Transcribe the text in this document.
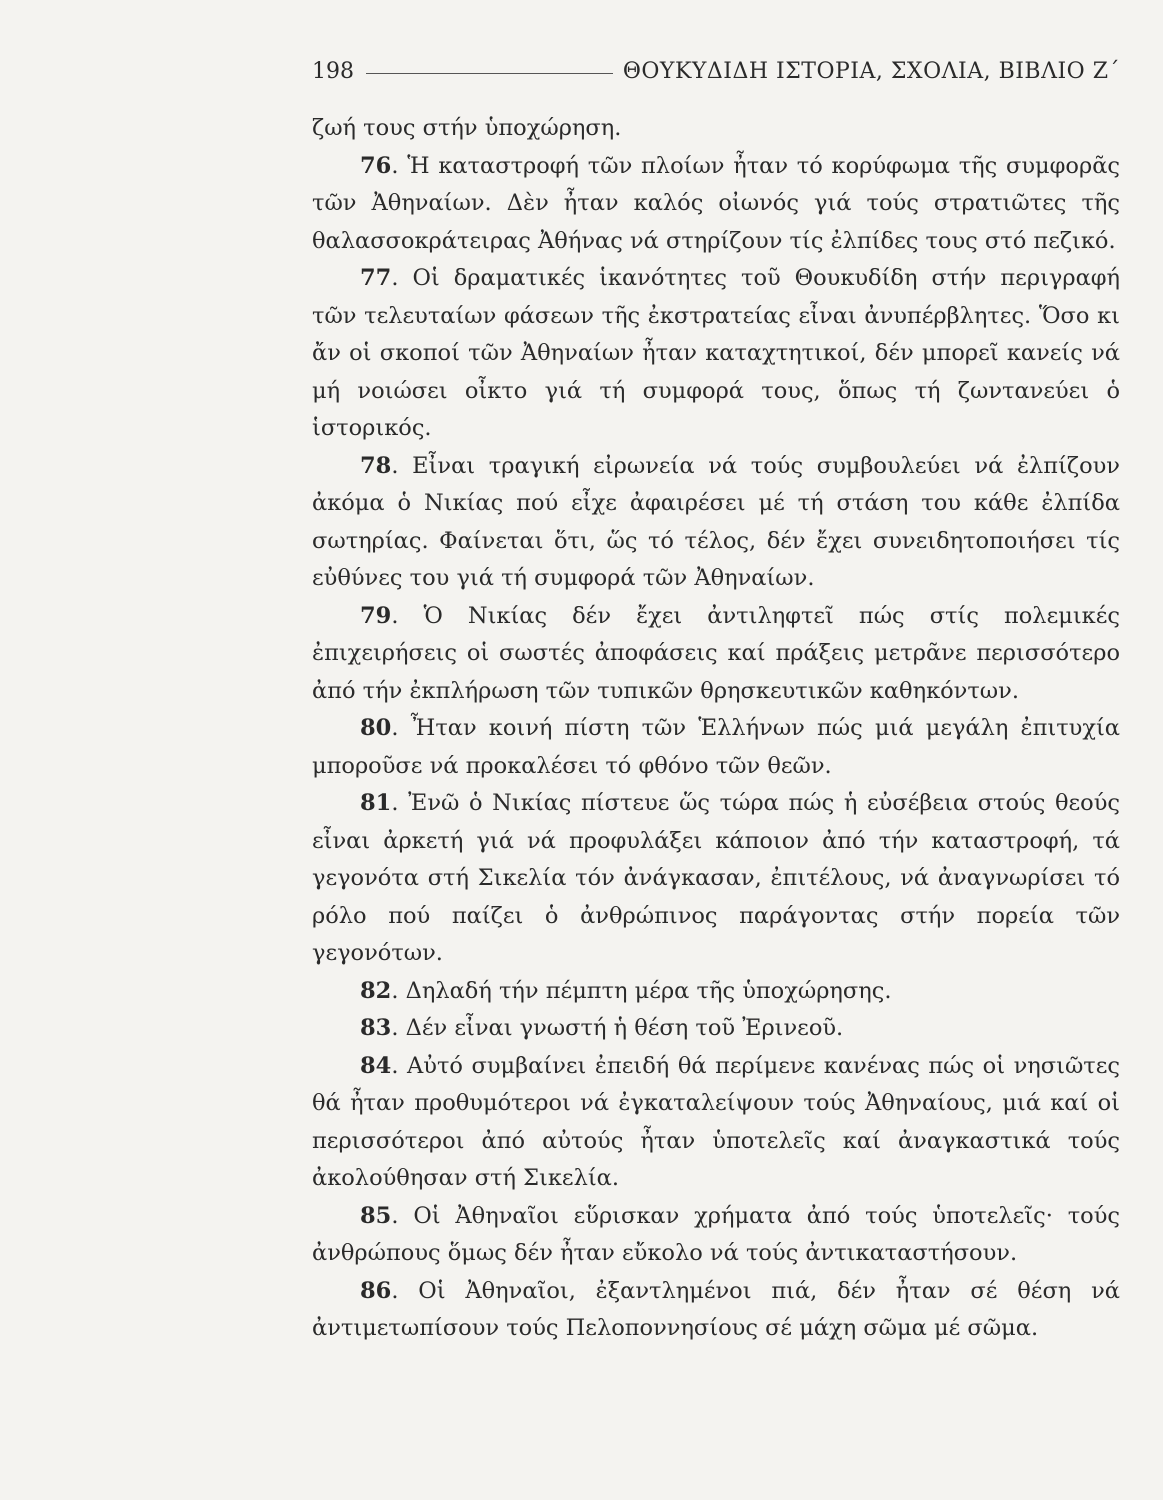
198	ΘΟΥΚΥΔΙΔΗ ΙΣΤΟΡΙΑ, ΣΧΟΛΙΑ, ΒΙΒΛΙΟ Ζ΄

ζωή τους στήν ὑποχώρηση.

76. Ἡ καταστροφή τῶν πλοίων ἦταν τό κορύφωμα τῆς συμφορᾶς τῶν Ἀθηναίων. Δὲν ἦταν καλός οἰωνός γιά τούς στρατιῶτες τῆς θαλασσοκράτειρας Ἀθήνας νά στηρίζουν τίς ἐλπίδες τους στό πεζικό.

77. Οἱ δραματικές ἱκανότητες τοῦ Θουκυδίδη στήν περιγραφή τῶν τελευταίων φάσεων τῆς ἐκστρατείας εἶναι ἀνυπέρβλητες. Ὅσο κι ἄν οἱ σκοποί τῶν Ἀθηναίων ἦταν καταχτητικοί, δέν μπορεῖ κανείς νά μή νοιώσει οἶκτο γιά τή συμφορά τους, ὅπως τή ζωντανεύει ὁ ἱστορικός.

78. Εἶναι τραγική εἰρωνεία νά τούς συμβουλεύει νά ἐλπίζουν ἀκόμα ὁ Νικίας πού εἶχε ἀφαιρέσει μέ τή στάση του κάθε ἐλπίδα σωτηρίας. Φαίνεται ὅτι, ὥς τό τέλος, δέν ἔχει συνειδητοποιήσει τίς εὐθύνες του γιά τή συμφορά τῶν Ἀθηναίων.

79. Ὁ Νικίας δέν ἔχει ἀντιληφτεῖ πώς στίς πολεμικές ἐπιχειρήσεις οἱ σωστές ἀποφάσεις καί πράξεις μετρᾶνε περισσότερο ἀπό τήν ἐκπλήρωση τῶν τυπικῶν θρησκευτικῶν καθηκόντων.

80. Ἦταν κοινή πίστη τῶν Ἑλλήνων πώς μιά μεγάλη ἐπιτυχία μποροῦσε νά προκαλέσει τό φθόνο τῶν θεῶν.

81. Ἐνῶ ὁ Νικίας πίστευε ὥς τώρα πώς ἡ εὐσέβεια στούς θεούς εἶναι ἀρκετή γιά νά προφυλάξει κάποιον ἀπό τήν καταστροφή, τά γεγονότα στή Σικελία τόν ἀνάγκασαν, ἐπιτέλους, νά ἀναγνωρίσει τό ρόλο πού παίζει ὁ ἀνθρώπινος παράγοντας στήν πορεία τῶν γεγονότων.

82. Δηλαδή τήν πέμπτη μέρα τῆς ὑποχώρησης.

83. Δέν εἶναι γνωστή ἡ θέση τοῦ Ἐρινεοῦ.

84. Αὐτό συμβαίνει ἐπειδή θά περίμενε κανένας πώς οἱ νησιῶτες θά ἦταν προθυμότεροι νά ἐγκαταλείψουν τούς Ἀθηναίους, μιά καί οἱ περισσότεροι ἀπό αὐτούς ἦταν ὑποτελεῖς καί ἀναγκαστικά τούς ἀκολούθησαν στή Σικελία.

85. Οἱ Ἀθηναῖοι εὕρισκαν χρήματα ἀπό τούς ὑποτελεῖς· τούς ἀνθρώπους ὅμως δέν ἦταν εὔκολο νά τούς ἀντικαταστήσουν.

86. Οἱ Ἀθηναῖοι, ἐξαντλημένοι πιά, δέν ἦταν σέ θέση νά ἀντιμετωπίσουν τούς Πελοποννησίους σέ μάχη σῶμα μέ σῶμα.
